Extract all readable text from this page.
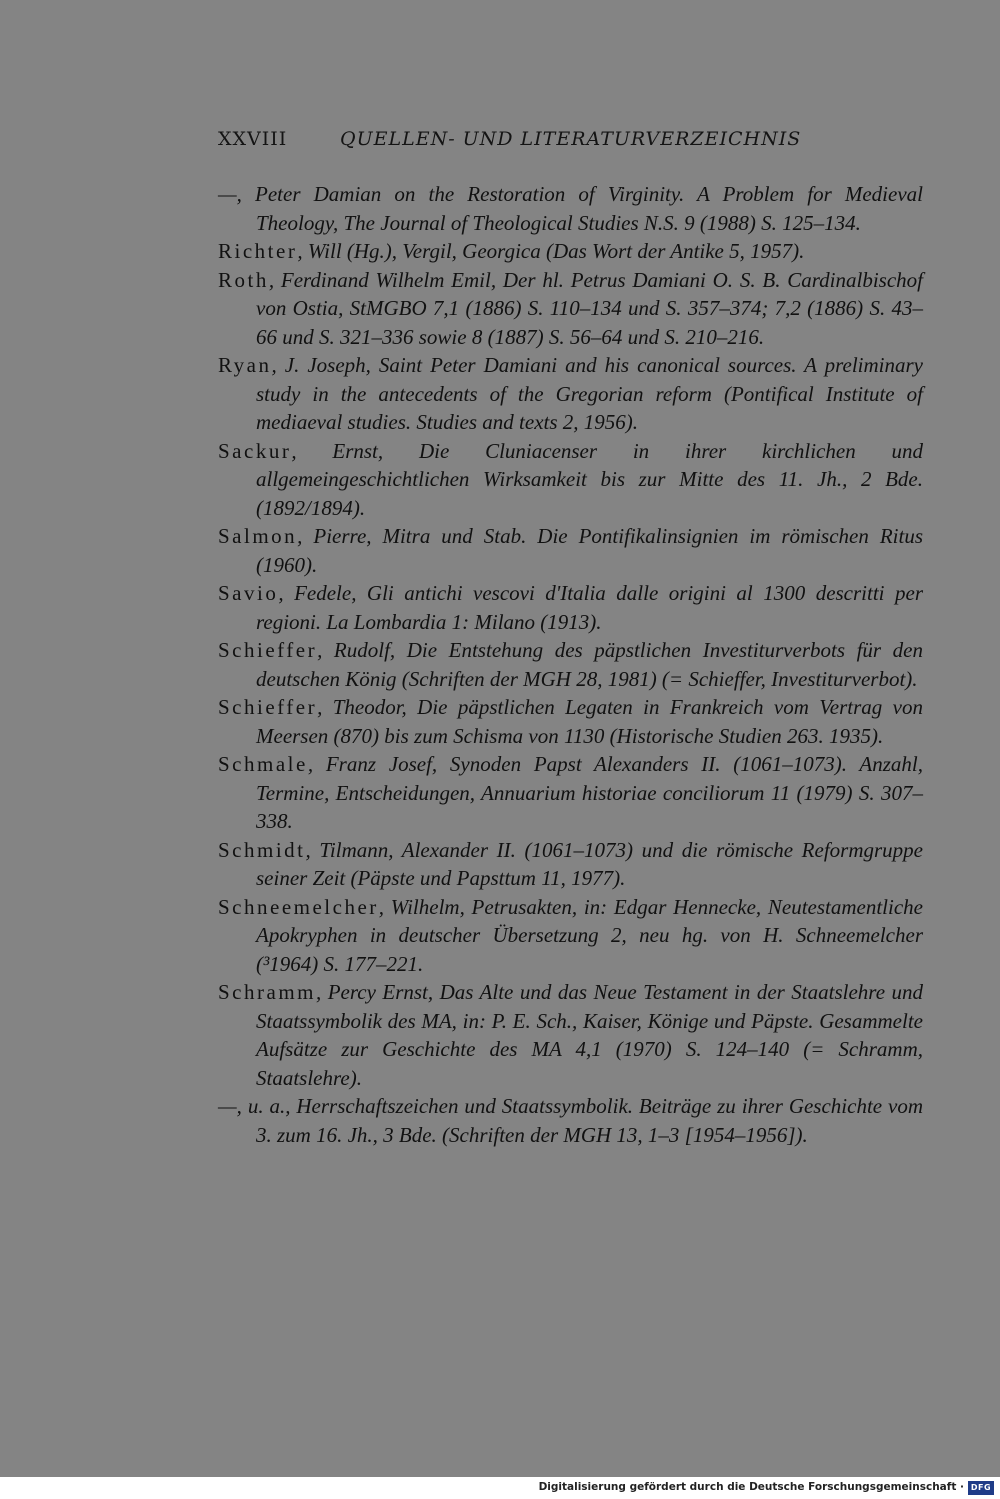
XXVIII	QUELLEN- UND LITERATURVERZEICHNIS

—, Peter Damian on the Restoration of Virginity. A Problem for Medieval Theology, The Journal of Theological Studies N.S. 9 (1988) S. 125–134.

Richter, Will (Hg.), Vergil, Georgica (Das Wort der Antike 5, 1957).

Roth, Ferdinand Wilhelm Emil, Der hl. Petrus Damiani O. S. B. Cardinalbischof von Ostia, StMGBO 7,1 (1886) S. 110–134 und S. 357–374; 7,2 (1886) S. 43–66 und S. 321–336 sowie 8 (1887) S. 56–64 und S. 210–216.

Ryan, J. Joseph, Saint Peter Damiani and his canonical sources. A preliminary study in the antecedents of the Gregorian reform (Pontifical Institute of mediaeval studies. Studies and texts 2, 1956).

Sackur, Ernst, Die Cluniacenser in ihrer kirchlichen und allgemeingeschichtlichen Wirksamkeit bis zur Mitte des 11. Jh., 2 Bde. (1892/1894).

Salmon, Pierre, Mitra und Stab. Die Pontifikalinsignien im römischen Ritus (1960).

Savio, Fedele, Gli antichi vescovi d'Italia dalle origini al 1300 descritti per regioni. La Lombardia 1: Milano (1913).

Schieffer, Rudolf, Die Entstehung des päpstlichen Investiturverbots für den deutschen König (Schriften der MGH 28, 1981) (= Schieffer, Investiturverbot).

Schieffer, Theodor, Die päpstlichen Legaten in Frankreich vom Vertrag von Meersen (870) bis zum Schisma von 1130 (Historische Studien 263. 1935).

Schmale, Franz Josef, Synoden Papst Alexanders II. (1061–1073). Anzahl, Termine, Entscheidungen, Annuarium historiae conciliorum 11 (1979) S. 307–338.

Schmidt, Tilmann, Alexander II. (1061–1073) und die römische Reformgruppe seiner Zeit (Päpste und Papsttum 11, 1977).

Schneemelcher, Wilhelm, Petrusakten, in: Edgar Hennecke, Neutestamentliche Apokryphen in deutscher Übersetzung 2, neu hg. von H. Schneemelcher (³1964) S. 177–221.

Schramm, Percy Ernst, Das Alte und das Neue Testament in der Staatslehre und Staatssymbolik des MA, in: P. E. Sch., Kaiser, Könige und Päpste. Gesammelte Aufsätze zur Geschichte des MA 4,1 (1970) S. 124–140 (= Schramm, Staatslehre).

—, u. a., Herrschaftszeichen und Staatssymbolik. Beiträge zu ihrer Geschichte vom 3. zum 16. Jh., 3 Bde. (Schriften der MGH 13, 1–3 [1954–1956]).

Digitalisierung gefördert durch die Deutsche Forschungsgemeinschaft · DFG
